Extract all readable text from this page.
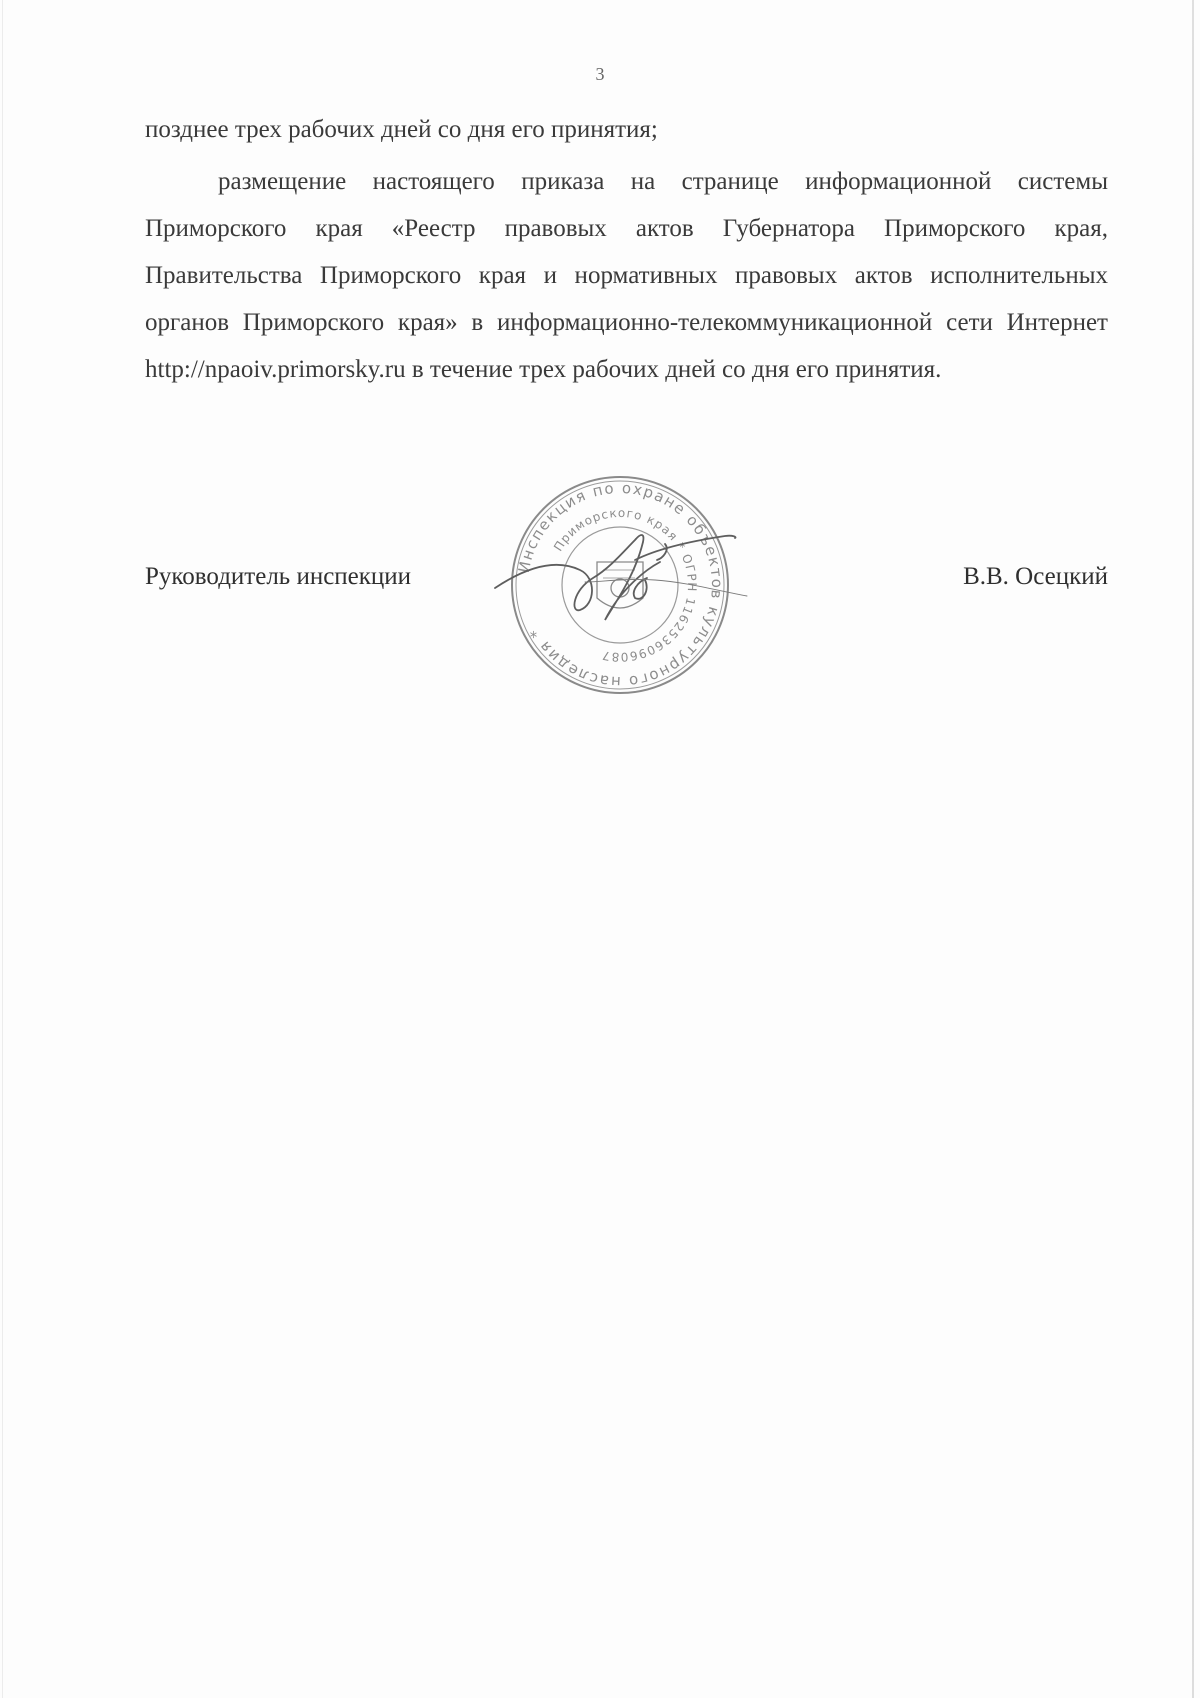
3
позднее трех рабочих дней со дня его принятия;
размещение настоящего приказа на странице информационной системы Приморского края «Реестр правовых актов Губернатора Приморского края, Правительства Приморского края и нормативных правовых актов исполнительных органов Приморского края» в информационно-телекоммуникационной сети Интернет http://npaoiv.primorsky.ru в течение трех рабочих дней со дня его принятия.
Руководитель инспекции	В.В. Осецкий
Инспекция по охране объектов культурного наследия *
Приморского края * ОГРН 1162536096087
